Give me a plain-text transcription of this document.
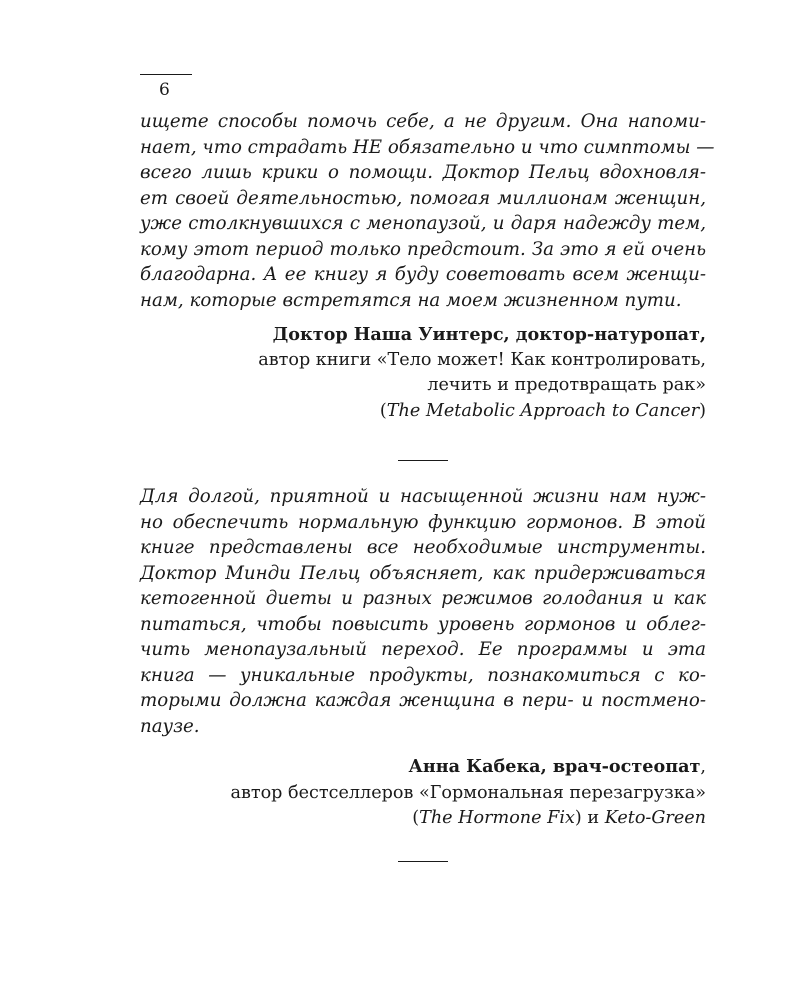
6

ищете способы помочь себе, а не другим. Она напоми-
нает, что страдать НЕ обязательно и что симптомы —
всего лишь крики о помощи. Доктор Пельц вдохновля-
ет своей деятельностью, помогая миллионам женщин,
уже столкнувшихся с менопаузой, и даря надежду тем,
кому этот период только предстоит. За это я ей очень
благодарна. А ее книгу я буду советовать всем женщи-
нам, которые встретятся на моем жизненном пути.

Доктор Наша Уинтерс, доктор-натуропат,
автор книги «Тело может! Как контролировать,
лечить и предотвращать рак»
(The Metabolic Approach to Cancer)

Для долгой, приятной и насыщенной жизни нам нуж-
но обеспечить нормальную функцию гормонов. В этой
книге представлены все необходимые инструменты.
Доктор Минди Пельц объясняет, как придерживаться
кетогенной диеты и разных режимов голодания и как
питаться, чтобы повысить уровень гормонов и облег-
чить менопаузальный переход. Ее программы и эта
книга — уникальные продукты, познакомиться с ко-
торыми должна каждая женщина в пери- и постмено-
паузе.

Анна Кабека, врач-остеопат,
автор бестселлеров «Гормональная перезагрузка»
(The Hormone Fix) и Keto-Green
